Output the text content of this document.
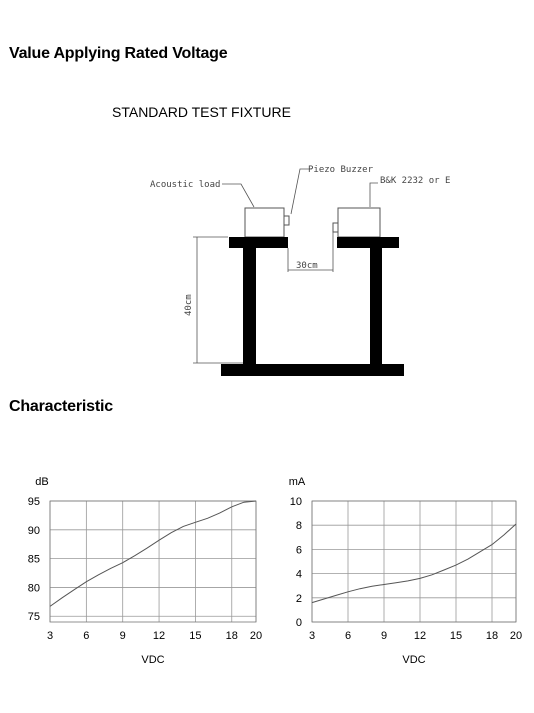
Value Applying Rated Voltage
STANDARD TEST FIXTURE
40cm
30cm
Acoustic load
Piezo Buzzer
B&K 2232 or E
Characteristic
3	6	9 12 15 18 20
75
80
85
90
95
dB
VDC
3	6	9 12 15 18 20
0
2
4
6
8
10
mA
VDC
